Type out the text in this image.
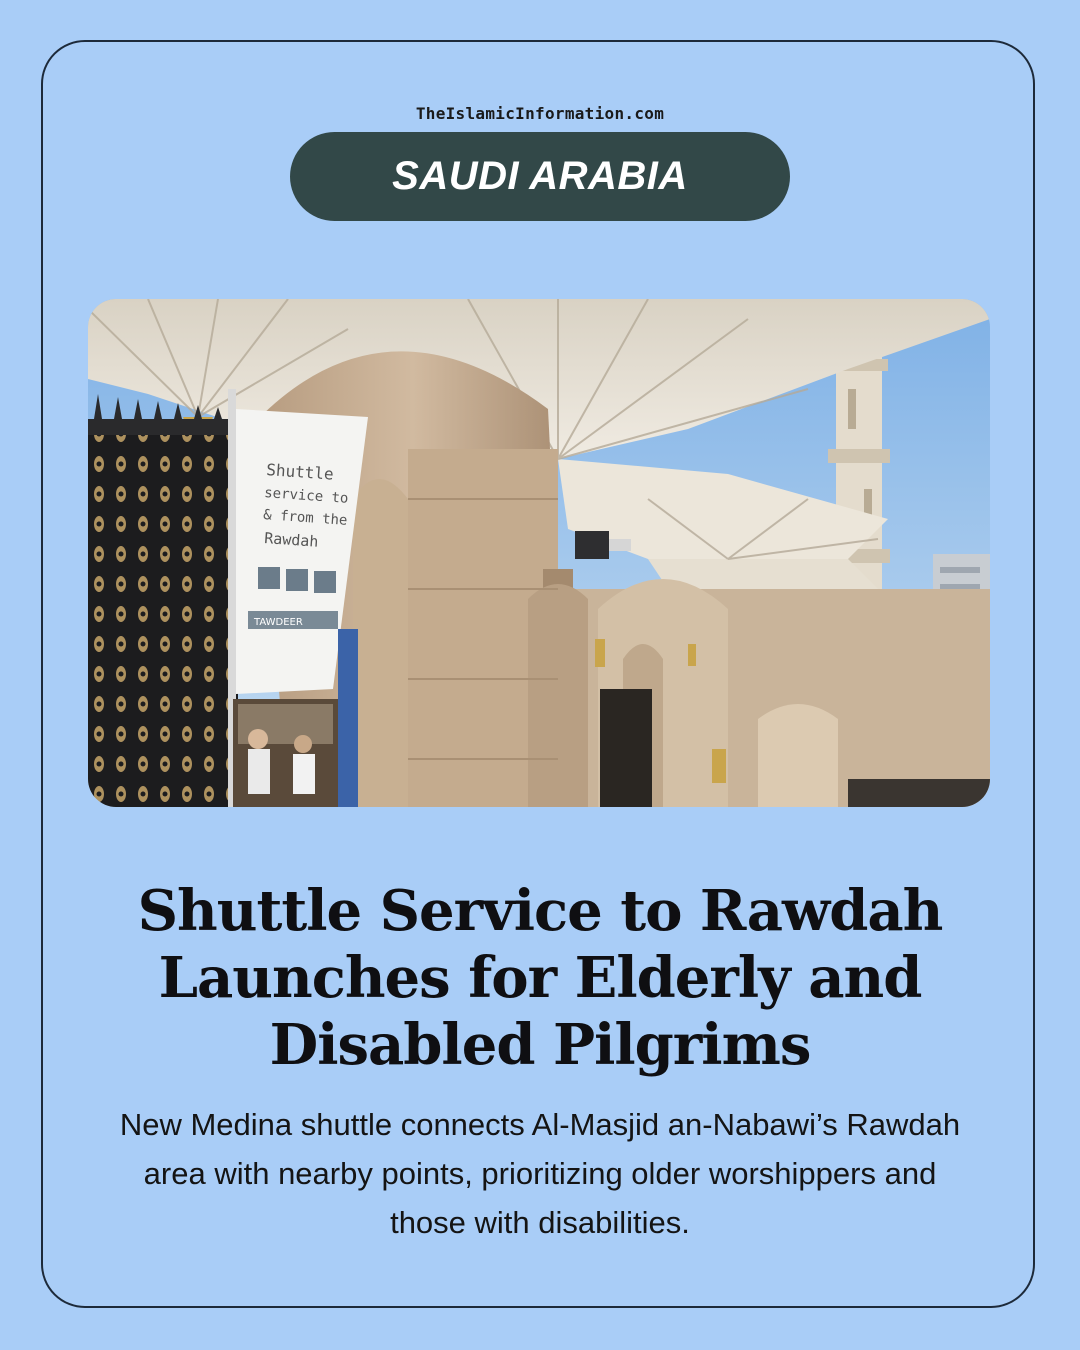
TheIslamicInformation.com
SAUDI ARABIA
Shuttle
service to
& from the
Rawdah
TAWDEER
Shuttle Service to Rawdah Launches for Elderly and Disabled Pilgrims
New Medina shuttle connects Al-Masjid an-Nabawi’s Rawdah area with nearby points, prioritizing older worshippers and those with disabilities.
